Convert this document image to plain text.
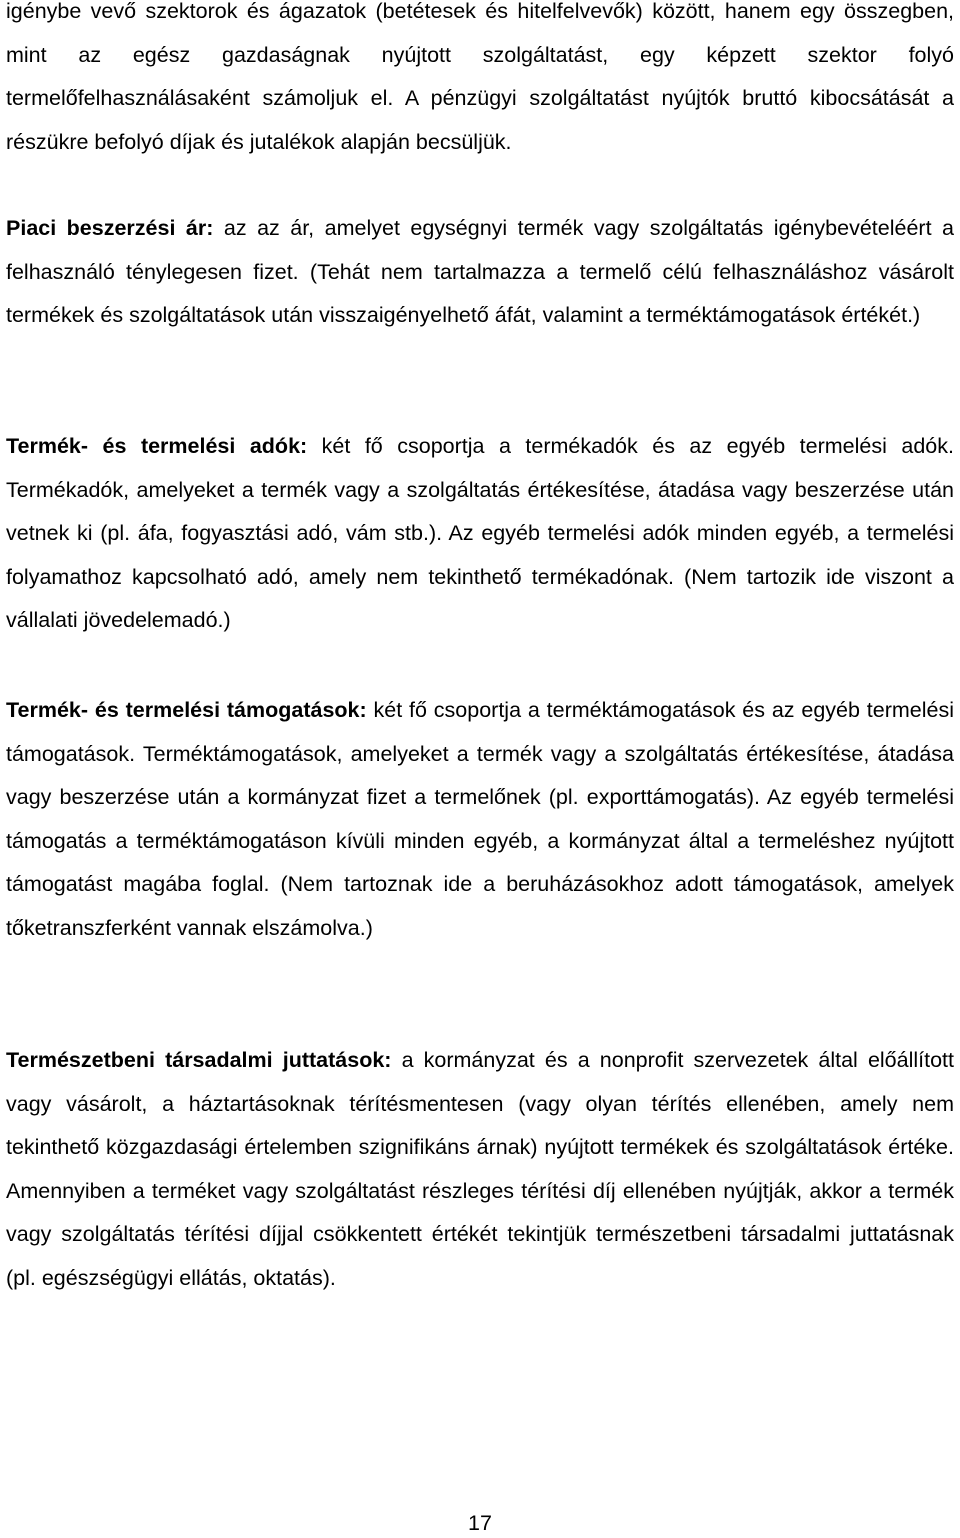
igénybe vevő szektorok és ágazatok (betétesek és hitelfelvevők) között, hanem egy összegben, mint az egész gazdaságnak nyújtott szolgáltatást, egy képzett szektor folyó termelőfelhasználásaként számoljuk el. A pénzügyi szolgáltatást nyújtók bruttó kibocsátását a részükre befolyó díjak és jutalékok alapján becsüljük.

Piaci beszerzési ár: az az ár, amelyet egységnyi termék vagy szolgáltatás igénybevételéért a felhasználó ténylegesen fizet. (Tehát nem tartalmazza a termelő célú felhasználáshoz vásárolt termékek és szolgáltatások után visszaigényelhető áfát, valamint a terméktámogatások értékét.)

Termék- és termelési adók: két fő csoportja a termékadók és az egyéb termelési adók. Termékadók, amelyeket a termék vagy a szolgáltatás értékesítése, átadása vagy beszerzése után vetnek ki (pl. áfa, fogyasztási adó, vám stb.). Az egyéb termelési adók minden egyéb, a termelési folyamathoz kapcsolható adó, amely nem tekinthető termékadónak. (Nem tartozik ide viszont a vállalati jövedelemadó.)

Termék- és termelési támogatások: két fő csoportja a terméktámogatások és az egyéb termelési támogatások. Terméktámogatások, amelyeket a termék vagy a szolgáltatás értékesítése, átadása vagy beszerzése után a kormányzat fizet a termelőnek (pl. exporttámogatás). Az egyéb termelési támogatás a terméktámogatáson kívüli minden egyéb, a kormányzat által a termeléshez nyújtott támogatást magába foglal. (Nem tartoznak ide a beruházásokhoz adott támogatások, amelyek tőketranszferként vannak elszámolva.)

Természetbeni társadalmi juttatások: a kormányzat és a nonprofit szervezetek által előállított vagy vásárolt, a háztartásoknak térítésmentesen (vagy olyan térítés ellenében, amely nem tekinthető közgazdasági értelemben szignifikáns árnak) nyújtott termékek és szolgáltatások értéke. Amennyiben a terméket vagy szolgáltatást részleges térítési díj ellenében nyújtják, akkor a termék vagy szolgáltatás térítési díjjal csökkentett értékét tekintjük természetbeni társadalmi juttatásnak (pl. egészségügyi ellátás, oktatás).

17
